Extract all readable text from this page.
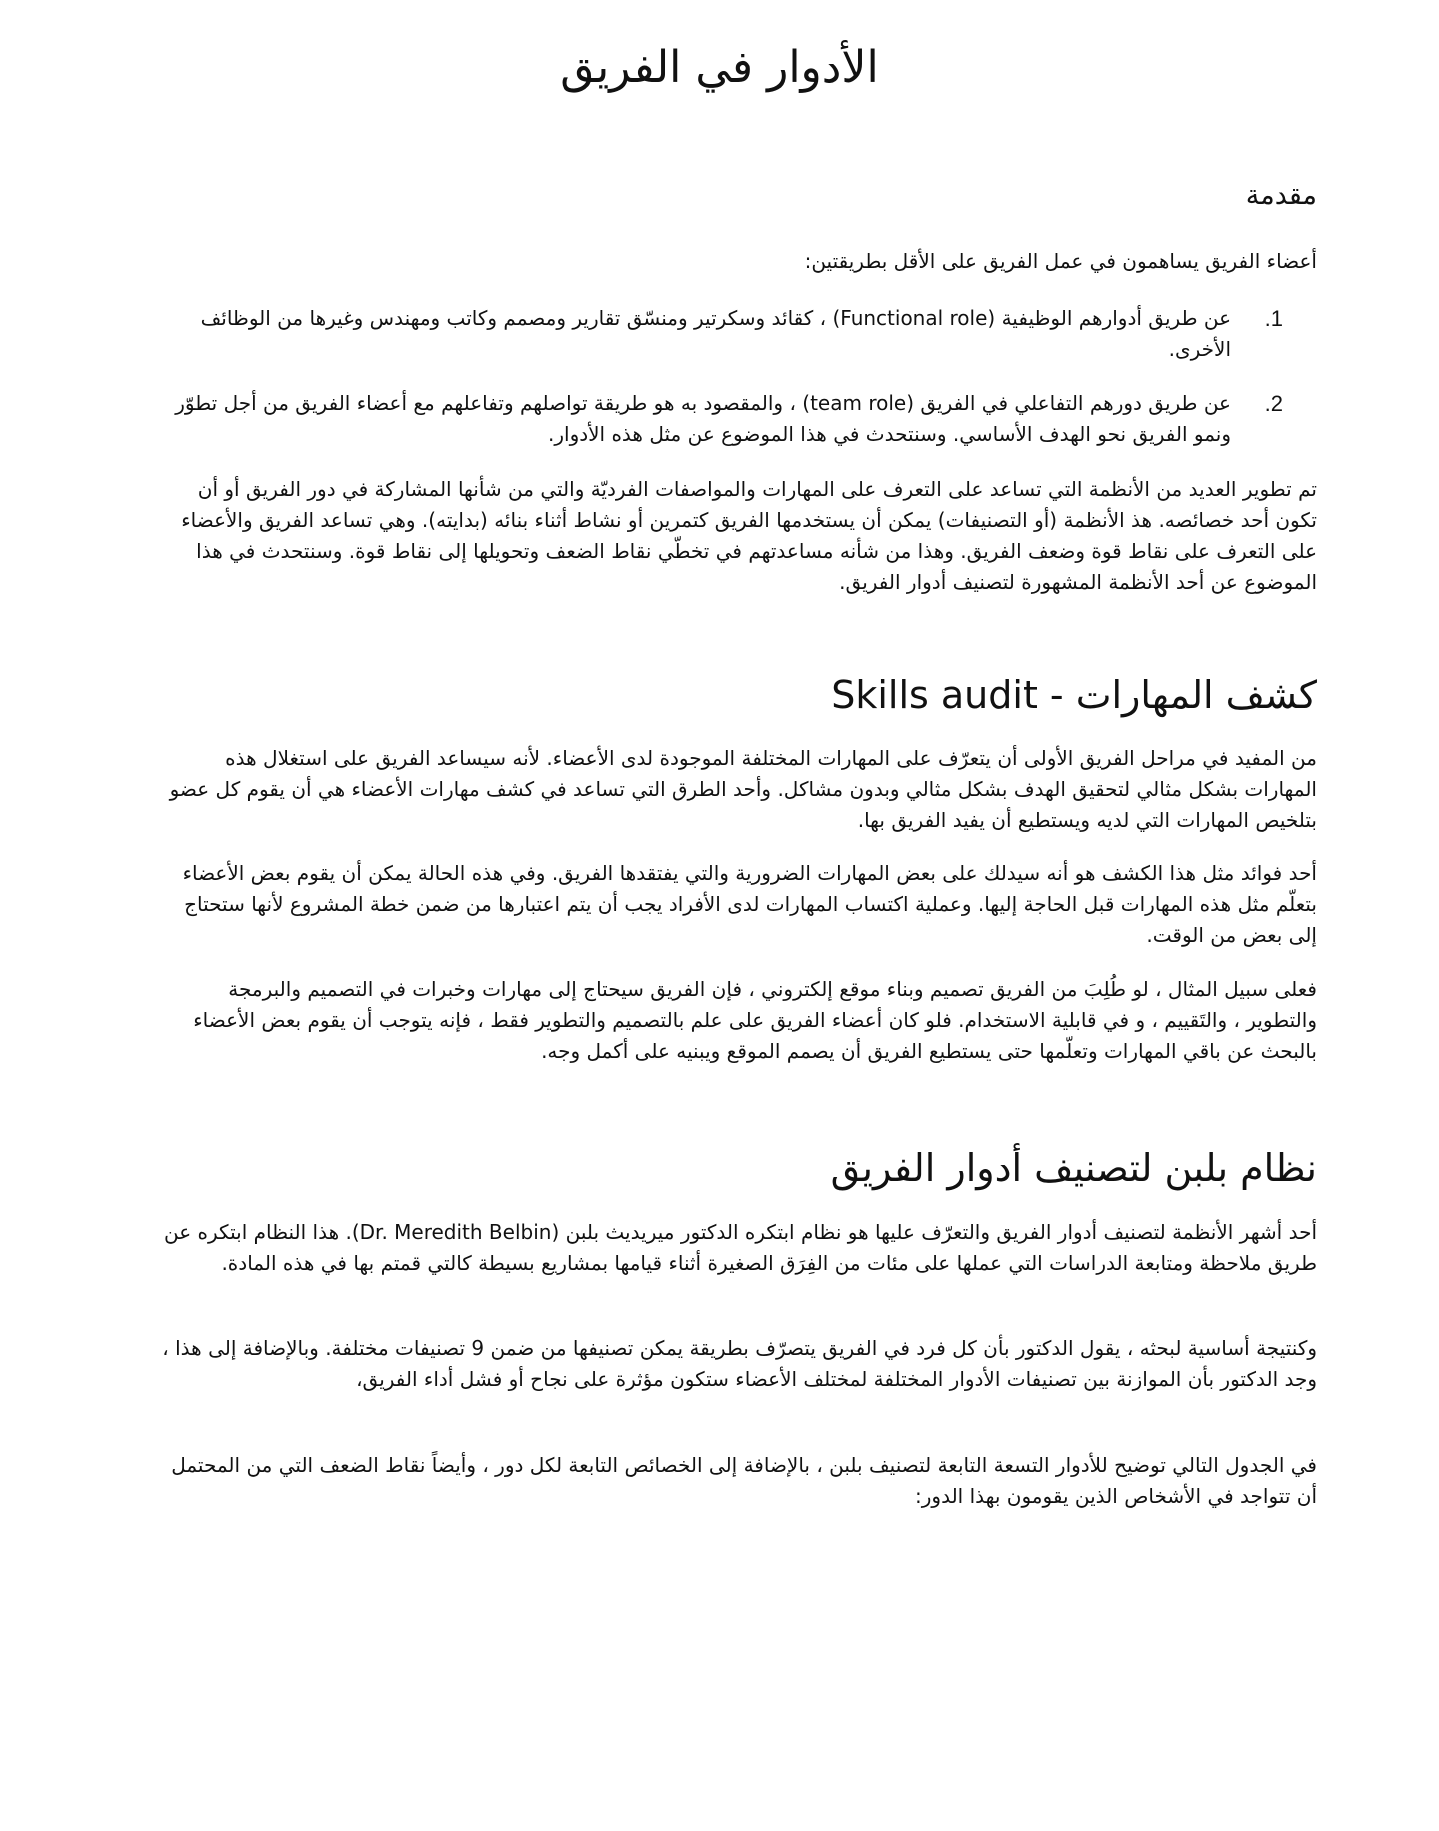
الأدوار في الفريق
مقدمة

أعضاء الفريق يساهمون في عمل الفريق على الأقل بطريقتين:

1.
عن طريق أدوارهم الوظيفية (Functional role) ، كقائد وسكرتير ومنسّق تقارير ومصمم وكاتب ومهندس وغيرها من الوظائف الأخرى.
2.
عن طريق دورهم التفاعلي في الفريق (team role) ، والمقصود به هو طريقة تواصلهم وتفاعلهم مع أعضاء الفريق من أجل تطوّر ونمو الفريق نحو الهدف الأساسي. وسنتحدث في هذا الموضوع عن مثل هذه الأدوار.

تم تطوير العديد من الأنظمة التي تساعد على التعرف على المهارات والمواصفات الفرديّة والتي من شأنها المشاركة في دور الفريق أو أن تكون أحد خصائصه. هذ الأنظمة (أو التصنيفات) يمكن أن يستخدمها الفريق كتمرين أو نشاط أثناء بنائه (بدايته). وهي تساعد الفريق والأعضاء على التعرف على نقاط قوة وضعف الفريق. وهذا من شأنه مساعدتهم في تخطّي نقاط الضعف وتحويلها إلى نقاط قوة. وسنتحدث في هذا الموضوع عن أحد الأنظمة المشهورة لتصنيف أدوار الفريق.

كشف المهارات - Skills audit

من المفيد في مراحل الفريق الأولى أن يتعرّف على المهارات المختلفة الموجودة لدى الأعضاء. لأنه سيساعد الفريق على استغلال هذه المهارات بشكل مثالي لتحقيق الهدف بشكل مثالي وبدون مشاكل. وأحد الطرق التي تساعد في كشف مهارات الأعضاء هي أن يقوم كل عضو بتلخيص المهارات التي لديه ويستطيع أن يفيد الفريق بها.

أحد فوائد مثل هذا الكشف هو أنه سيدلك على بعض المهارات الضرورية والتي يفتقدها الفريق. وفي هذه الحالة يمكن أن يقوم بعض الأعضاء بتعلّم مثل هذه المهارات قبل الحاجة إليها. وعملية اكتساب المهارات لدى الأفراد يجب أن يتم اعتبارها من ضمن خطة المشروع لأنها ستحتاج إلى بعض من الوقت.

فعلى سبيل المثال ، لو طُلِبَ من الفريق تصميم وبناء موقع إلكتروني ، فإن الفريق سيحتاج إلى مهارات وخبرات في التصميم والبرمجة والتطوير ، والتَقييم ، و في قابلية الاستخدام. فلو كان أعضاء الفريق على علم بالتصميم والتطوير فقط ، فإنه يتوجب أن يقوم بعض الأعضاء بالبحث عن باقي المهارات وتعلّمها حتى يستطيع الفريق أن يصمم الموقع ويبنيه على أكمل وجه.

نظام بلبن لتصنيف أدوار الفريق

أحد أشهر الأنظمة لتصنيف أدوار الفريق والتعرّف عليها هو نظام ابتكره الدكتور ميريديث بلبن (Dr. Meredith Belbin). هذا النظام ابتكره عن طريق ملاحظة ومتابعة الدراسات التي عملها على مئات من الفِرَق الصغيرة أثناء قيامها بمشاريع بسيطة كالتي قمتم بها في هذه المادة.

وكنتيجة أساسية لبحثه ، يقول الدكتور بأن كل فرد في الفريق يتصرّف بطريقة يمكن تصنيفها من ضمن 9 تصنيفات مختلفة. وبالإضافة إلى هذا ، وجد الدكتور بأن الموازنة بين تصنيفات الأدوار المختلفة لمختلف الأعضاء ستكون مؤثرة على نجاح أو فشل أداء الفريق،

في الجدول التالي توضيح للأدوار التسعة التابعة لتصنيف بلبن ، بالإضافة إلى الخصائص التابعة لكل دور ، وأيضاً نقاط الضعف التي من المحتمل أن تتواجد في الأشخاص الذين يقومون بهذا الدور:
